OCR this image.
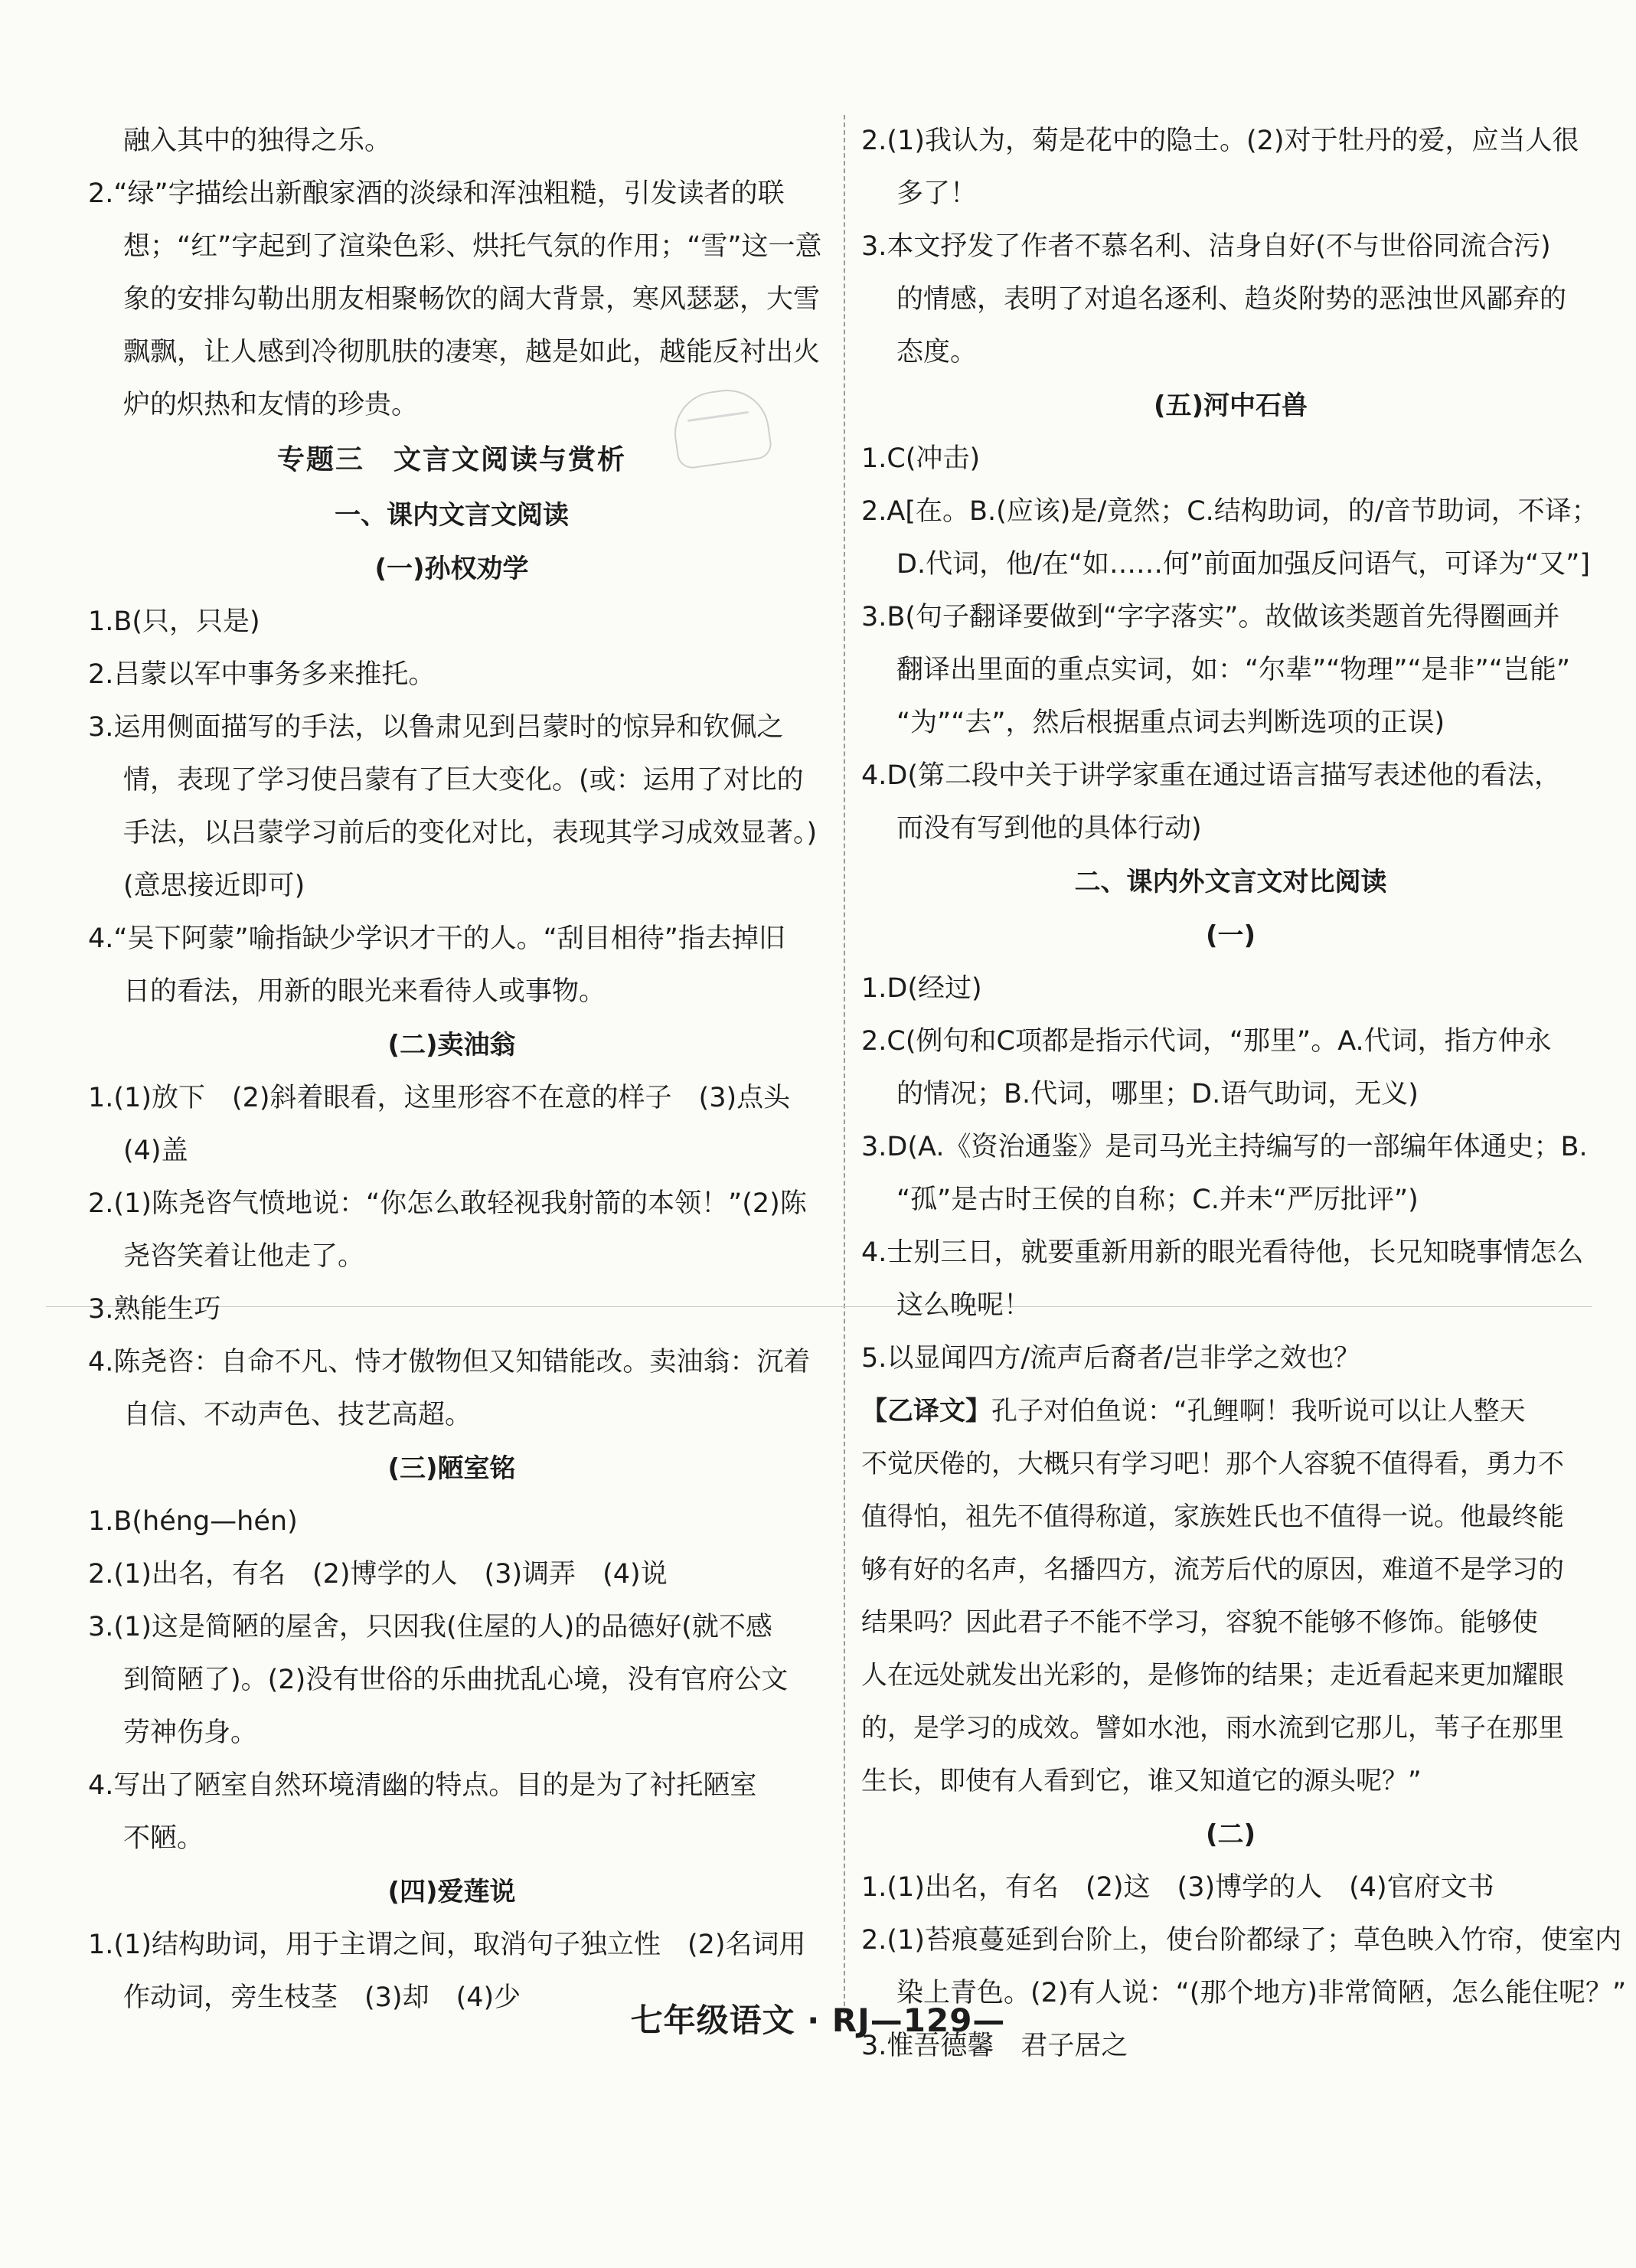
融入其中的独得之乐。

2.“绿”字描绘出新酿家酒的淡绿和浑浊粗糙，引发读者的联

想；“红”字起到了渲染色彩、烘托气氛的作用；“雪”这一意

象的安排勾勒出朋友相聚畅饮的阔大背景，寒风瑟瑟，大雪

飘飘，让人感到冷彻肌肤的凄寒，越是如此，越能反衬出火

炉的炽热和友情的珍贵。

专题三　文言文阅读与赏析
一、课内文言文阅读
(一)孙权劝学

1.B(只，只是)

2.吕蒙以军中事务多来推托。

3.运用侧面描写的手法，以鲁肃见到吕蒙时的惊异和钦佩之

情，表现了学习使吕蒙有了巨大变化。(或：运用了对比的

手法，以吕蒙学习前后的变化对比，表现其学习成效显著。)

(意思接近即可)

4.“吴下阿蒙”喻指缺少学识才干的人。“刮目相待”指去掉旧

日的看法，用新的眼光来看待人或事物。

(二)卖油翁

1.(1)放下　(2)斜着眼看，这里形容不在意的样子　(3)点头

(4)盖

2.(1)陈尧咨气愤地说：“你怎么敢轻视我射箭的本领！”(2)陈

尧咨笑着让他走了。

3.熟能生巧

4.陈尧咨：自命不凡、恃才傲物但又知错能改。卖油翁：沉着

自信、不动声色、技艺高超。

(三)陋室铭

1.B(héng—hén)

2.(1)出名，有名　(2)博学的人　(3)调弄　(4)说

3.(1)这是简陋的屋舍，只因我(住屋的人)的品德好(就不感

到简陋了)。(2)没有世俗的乐曲扰乱心境，没有官府公文

劳神伤身。

4.写出了陋室自然环境清幽的特点。目的是为了衬托陋室

不陋。

(四)爱莲说

1.(1)结构助词，用于主谓之间，取消句子独立性　(2)名词用

作动词，旁生枝茎　(3)却　(4)少

2.(1)我认为，菊是花中的隐士。(2)对于牡丹的爱，应当人很

多了！

3.本文抒发了作者不慕名利、洁身自好(不与世俗同流合污)

的情感，表明了对追名逐利、趋炎附势的恶浊世风鄙弃的

态度。

(五)河中石兽

1.C(冲击)

2.A[在。B.(应该)是/竟然；C.结构助词，的/音节助词，不译；

D.代词，他/在“如……何”前面加强反问语气，可译为“又”]

3.B(句子翻译要做到“字字落实”。故做该类题首先得圈画并

翻译出里面的重点实词，如：“尔辈”“物理”“是非”“岂能”

“为”“去”，然后根据重点词去判断选项的正误)

4.D(第二段中关于讲学家重在通过语言描写表述他的看法，

而没有写到他的具体行动)

二、课内外文言文对比阅读
(一)

1.D(经过)

2.C(例句和C项都是指示代词，“那里”。A.代词，指方仲永

的情况；B.代词，哪里；D.语气助词，无义)

3.D(A.《资治通鉴》是司马光主持编写的一部编年体通史；B.

“孤”是古时王侯的自称；C.并未“严厉批评”)

4.士别三日，就要重新用新的眼光看待他，长兄知晓事情怎么

这么晚呢！

5.以显闻四方/流声后裔者/岂非学之效也？

【乙译文】孔子对伯鱼说：“孔鲤啊！我听说可以让人整天

不觉厌倦的，大概只有学习吧！那个人容貌不值得看，勇力不

值得怕，祖先不值得称道，家族姓氏也不值得一说。他最终能

够有好的名声，名播四方，流芳后代的原因，难道不是学习的

结果吗？因此君子不能不学习，容貌不能够不修饰。能够使

人在远处就发出光彩的，是修饰的结果；走近看起来更加耀眼

的，是学习的成效。譬如水池，雨水流到它那儿，苇子在那里

生长，即使有人看到它，谁又知道它的源头呢？”

(二)

1.(1)出名，有名　(2)这　(3)博学的人　(4)官府文书

2.(1)苔痕蔓延到台阶上，使台阶都绿了；草色映入竹帘，使室内

染上青色。(2)有人说：“(那个地方)非常简陋，怎么能住呢？”

3.惟吾德馨　君子居之

七年级语文 · RJ—129—
